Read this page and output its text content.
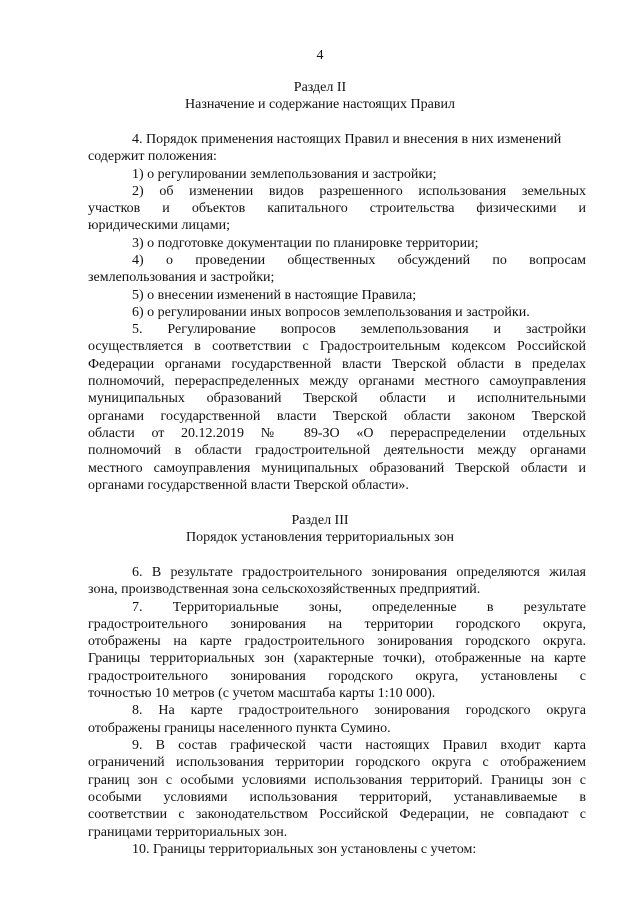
4
Раздел II
Назначение и содержание настоящих Правил
4. Порядок применения настоящих Правил и внесения в них изменений
содержит положения:
1) о регулировании землепользования и застройки;
2) об изменении видов разрешенного использования земельных
участков и объектов капитального строительства физическими и
юридическими лицами;
3) о подготовке документации по планировке территории;
4) о проведении общественных обсуждений по вопросам
землепользования и застройки;
5) о внесении изменений в настоящие Правила;
6) о регулировании иных вопросов землепользования и застройки.
5. Регулирование вопросов землепользования и застройки
осуществляется в соответствии с Градостроительным кодексом Российской
Федерации органами государственной власти Тверской области в пределах
полномочий, перераспределенных между органами местного самоуправления
муниципальных образований Тверской области и исполнительными
органами государственной власти Тверской области законом Тверской
области от 20.12.2019 № 89-ЗО «О перераспределении отдельных
полномочий в области градостроительной деятельности между органами
местного самоуправления муниципальных образований Тверской области и
органами государственной власти Тверской области».
Раздел III
Порядок установления территориальных зон
6. В результате градостроительного зонирования определяются жилая
зона, производственная зона сельскохозяйственных предприятий.
7. Территориальные зоны, определенные в результате
градостроительного зонирования на территории городского округа,
отображены на карте градостроительного зонирования городского округа.
Границы территориальных зон (характерные точки), отображенные на карте
градостроительного зонирования городского округа, установлены с
точностью 10 метров (с учетом масштаба карты 1:10 000).
8. На карте градостроительного зонирования городского округа
отображены границы населенного пункта Сумино.
9. В состав графической части настоящих Правил входит карта
ограничений использования территории городского округа с отображением
границ зон с особыми условиями использования территорий. Границы зон с
особыми условиями использования территорий, устанавливаемые в
соответствии с законодательством Российской Федерации, не совпадают с
границами территориальных зон.
10. Границы территориальных зон установлены с учетом:
